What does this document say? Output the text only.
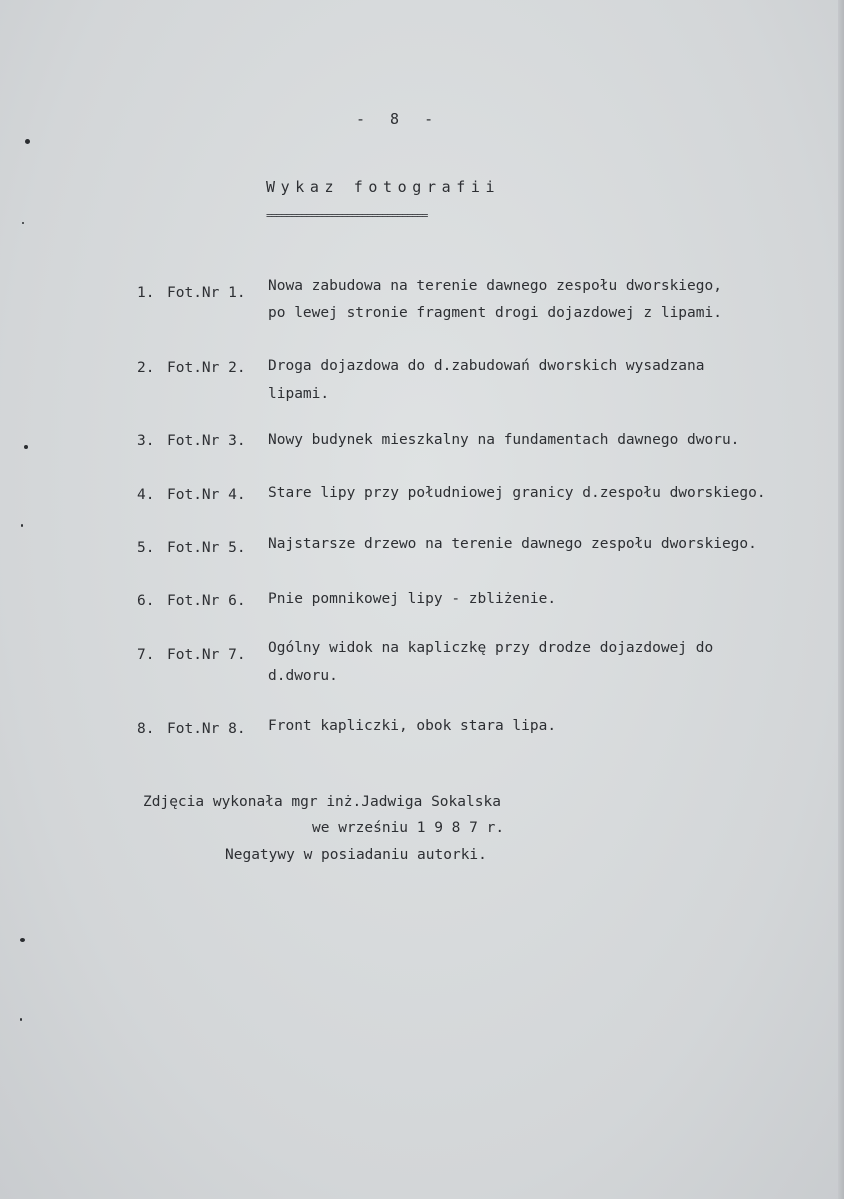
- 8 -
Wykaz fotografii
================================
1. Fot.Nr 1. Nowa zabudowa na terenie dawnego zespołu dworskiego,
po lewej stronie fragment drogi dojazdowej z lipami.
2. Fot.Nr 2. Droga dojazdowa do d.zabudowań dworskich wysadzana
lipami.
3. Fot.Nr 3. Nowy budynek mieszkalny na fundamentach dawnego dworu.
4. Fot.Nr 4. Stare lipy przy południowej granicy d.zespołu dworskiego.
5. Fot.Nr 5. Najstarsze drzewo na terenie dawnego zespołu dworskiego.
6. Fot.Nr 6. Pnie pomnikowej lipy - zbliżenie.
7. Fot.Nr 7. Ogólny widok na kapliczkę przy drodze dojazdowej do
d.dworu.
8. Fot.Nr 8. Front kapliczki, obok stara lipa.
Zdjęcia wykonała mgr inż.Jadwiga Sokalska
we wrześniu 1 9 8 7 r.
Negatywy w posiadaniu autorki.
